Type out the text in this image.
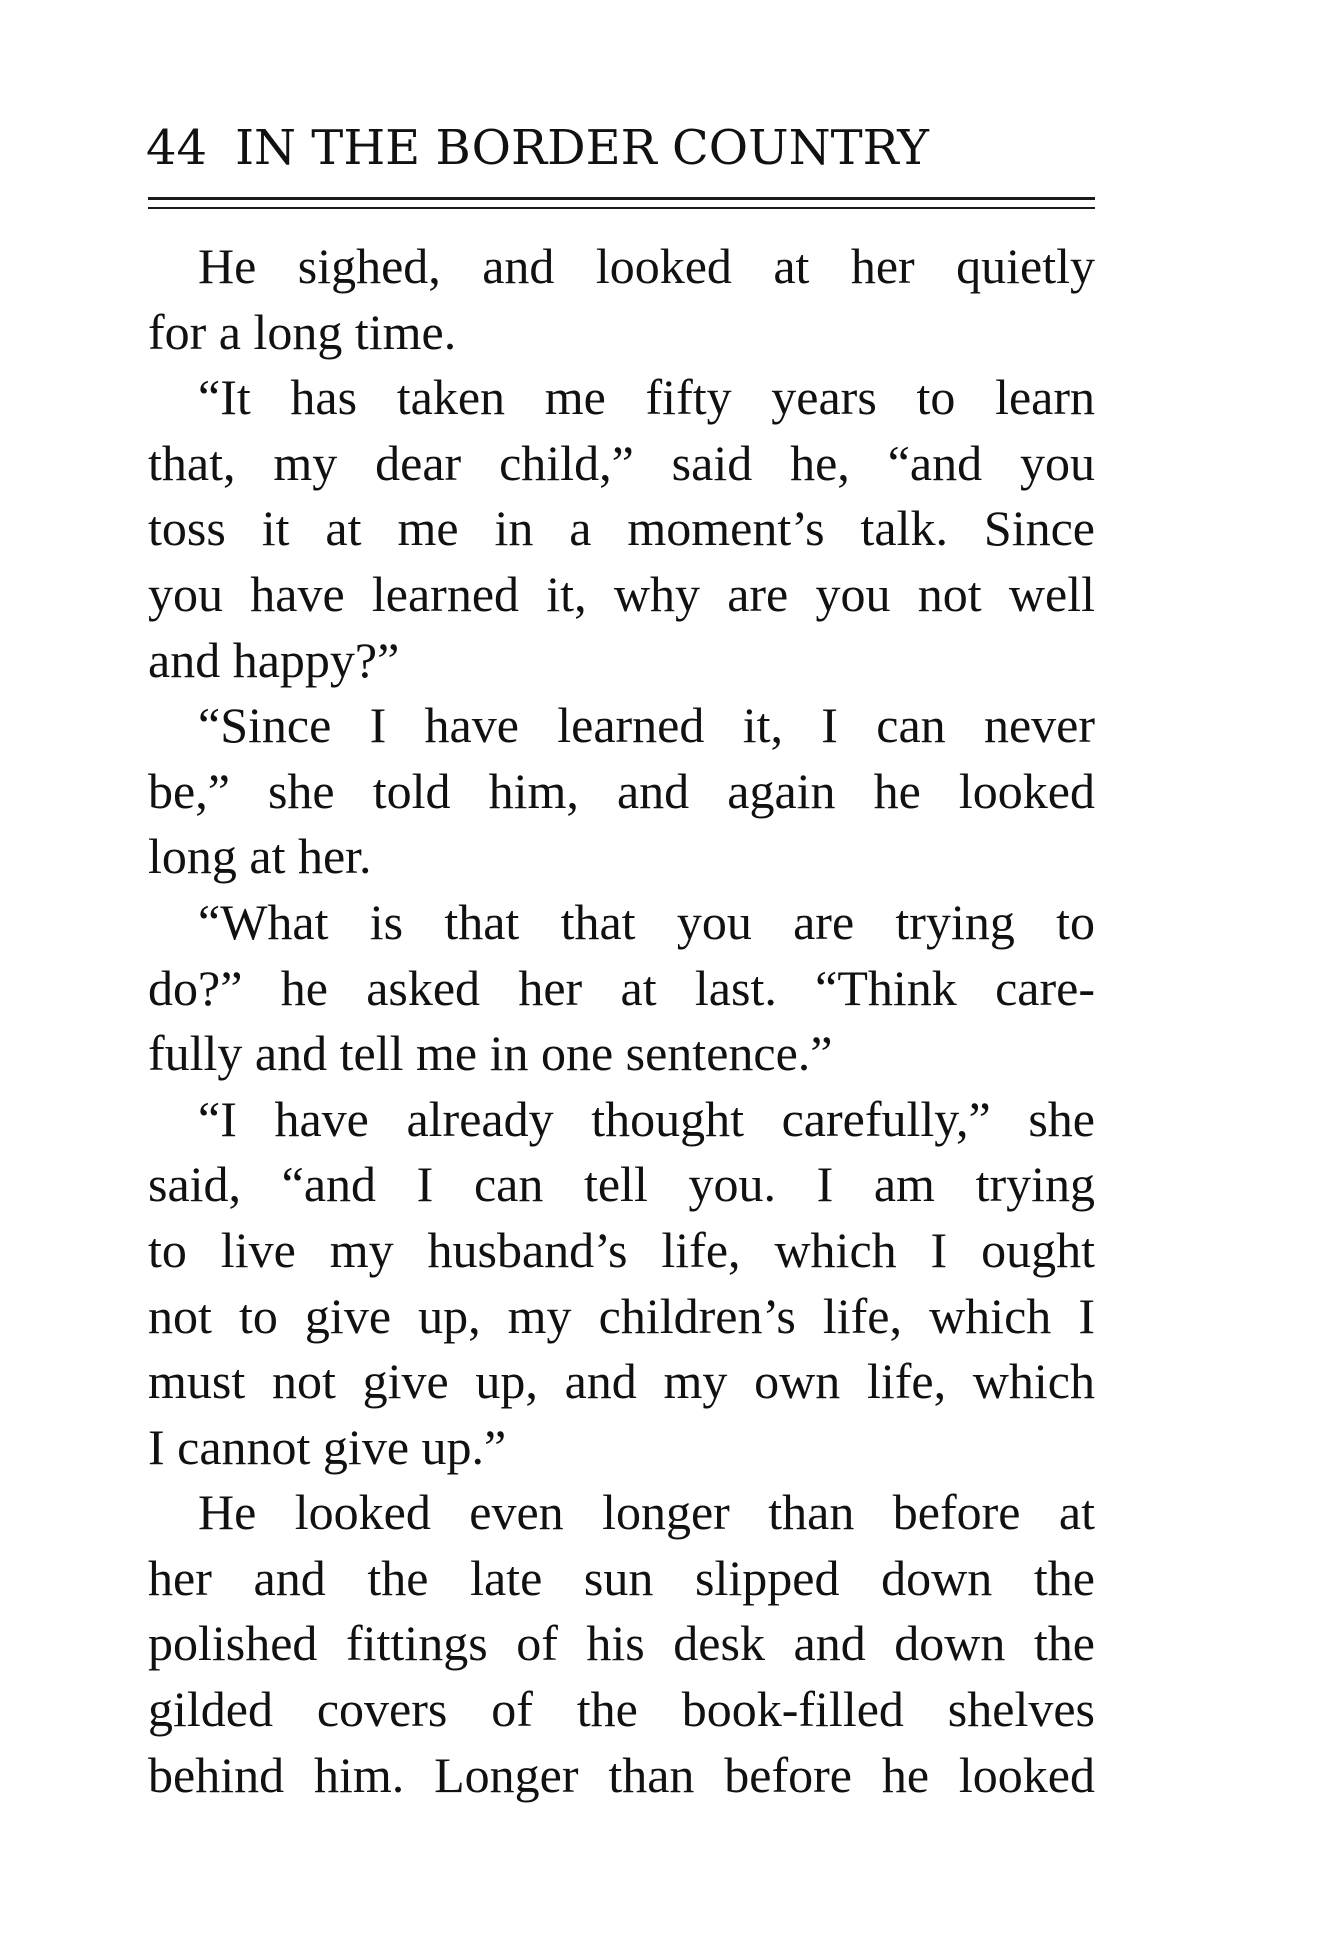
44 IN THE BORDER COUNTRY
He sighed, and looked at her quietly
for a long time.
“It has taken me fifty years to learn
that, my dear child,” said he, “and you
toss it at me in a moment’s talk. Since
you have learned it, why are you not well
and happy?”
“Since I have learned it, I can never
be,” she told him, and again he looked
long at her.
“What is that that you are trying to
do?” he asked her at last. “Think care-
fully and tell me in one sentence.”
“I have already thought carefully,” she
said, “and I can tell you. I am trying
to live my husband’s life, which I ought
not to give up, my children’s life, which I
must not give up, and my own life, which
I cannot give up.”
He looked even longer than before at
her and the late sun slipped down the
polished fittings of his desk and down the
gilded covers of the book-filled shelves
behind him. Longer than before he looked
